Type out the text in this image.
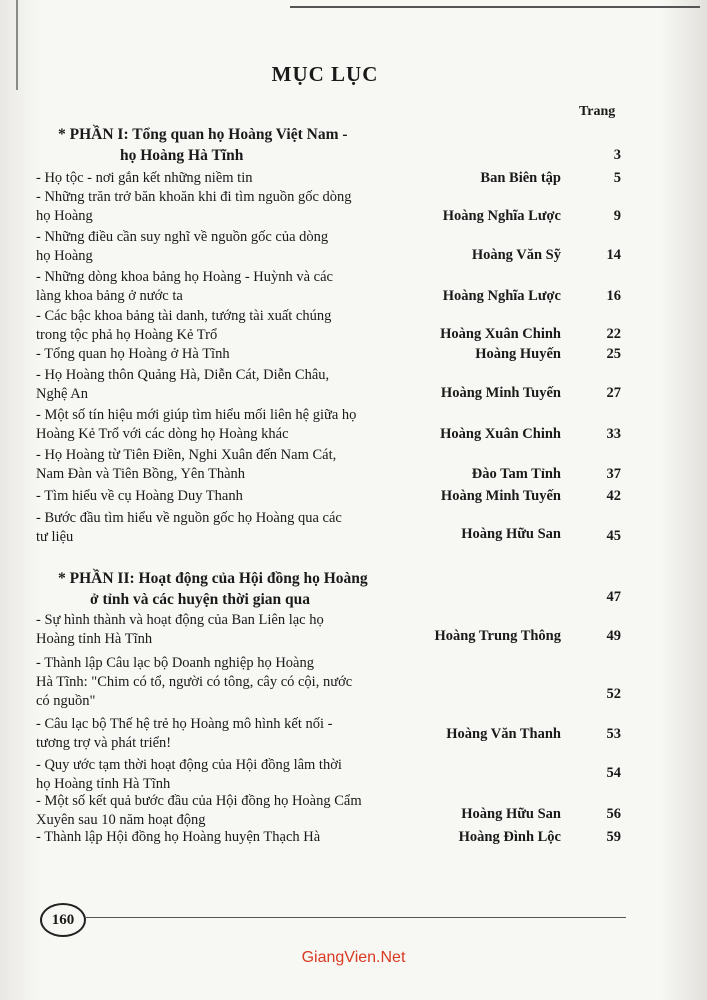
MỤC LỤC
Trang
* PHẦN I: Tổng quan họ Hoàng Việt Nam -
họ Hoàng Hà Tĩnh	3
- Họ tộc - nơi gắn kết những niềm tin	Ban Biên tập	5
- Những trăn trở băn khoăn khi đi tìm nguồn gốc dòng
họ Hoàng	Hoàng Nghĩa Lược	9
- Những điều cần suy nghĩ về nguồn gốc của dòng
họ Hoàng	Hoàng Văn Sỹ	14
- Những dòng khoa bảng họ Hoàng - Huỳnh và các
làng khoa bảng ở nước ta	Hoàng Nghĩa Lược	16
- Các bậc khoa bảng tài danh, tướng tài xuất chúng
trong tộc phả họ Hoàng Kẻ Trổ	Hoàng Xuân Chinh	22
- Tổng quan họ Hoàng ở Hà Tĩnh	Hoàng Huyến	25
- Họ Hoàng thôn Quảng Hà, Diễn Cát, Diễn Châu,
Nghệ An	Hoàng Minh Tuyến	27
- Một số tín hiệu mới giúp tìm hiểu mối liên hệ giữa họ
Hoàng Kẻ Trổ với các dòng họ Hoàng khác	Hoàng Xuân Chinh	33
- Họ Hoàng từ Tiên Điền, Nghi Xuân đến Nam Cát,
Nam Đàn và Tiên Bồng, Yên Thành	Đào Tam Tỉnh	37
- Tìm hiểu về cụ Hoàng Duy Thanh	Hoàng Minh Tuyến	42
- Bước đầu tìm hiểu về nguồn gốc họ Hoàng qua các
tư liệu	Hoàng Hữu San	45
* PHẦN II: Hoạt động của Hội đồng họ Hoàng
ở tỉnh và các huyện thời gian qua	47
- Sự hình thành và hoạt động của Ban Liên lạc họ
Hoàng tỉnh Hà Tĩnh	Hoàng Trung Thông	49
- Thành lập Câu lạc bộ Doanh nghiệp họ Hoàng
Hà Tĩnh: "Chim có tổ, người có tông, cây có cội, nước
có nguồn"	52
- Câu lạc bộ Thế hệ trẻ họ Hoàng mô hình kết nối -
tương trợ và phát triển!
Hoàng Văn Thanh	53
- Quy ước tạm thời hoạt động của Hội đồng lâm thời
họ Hoàng tỉnh Hà Tĩnh
54
- Một số kết quả bước đầu của Hội đồng họ Hoàng Cẩm
Xuyên sau 10 năm hoạt động	Hoàng Hữu San	56
- Thành lập Hội đồng họ Hoàng huyện Thạch Hà	Hoàng Đình Lộc	59
160
GiangVien.Net
